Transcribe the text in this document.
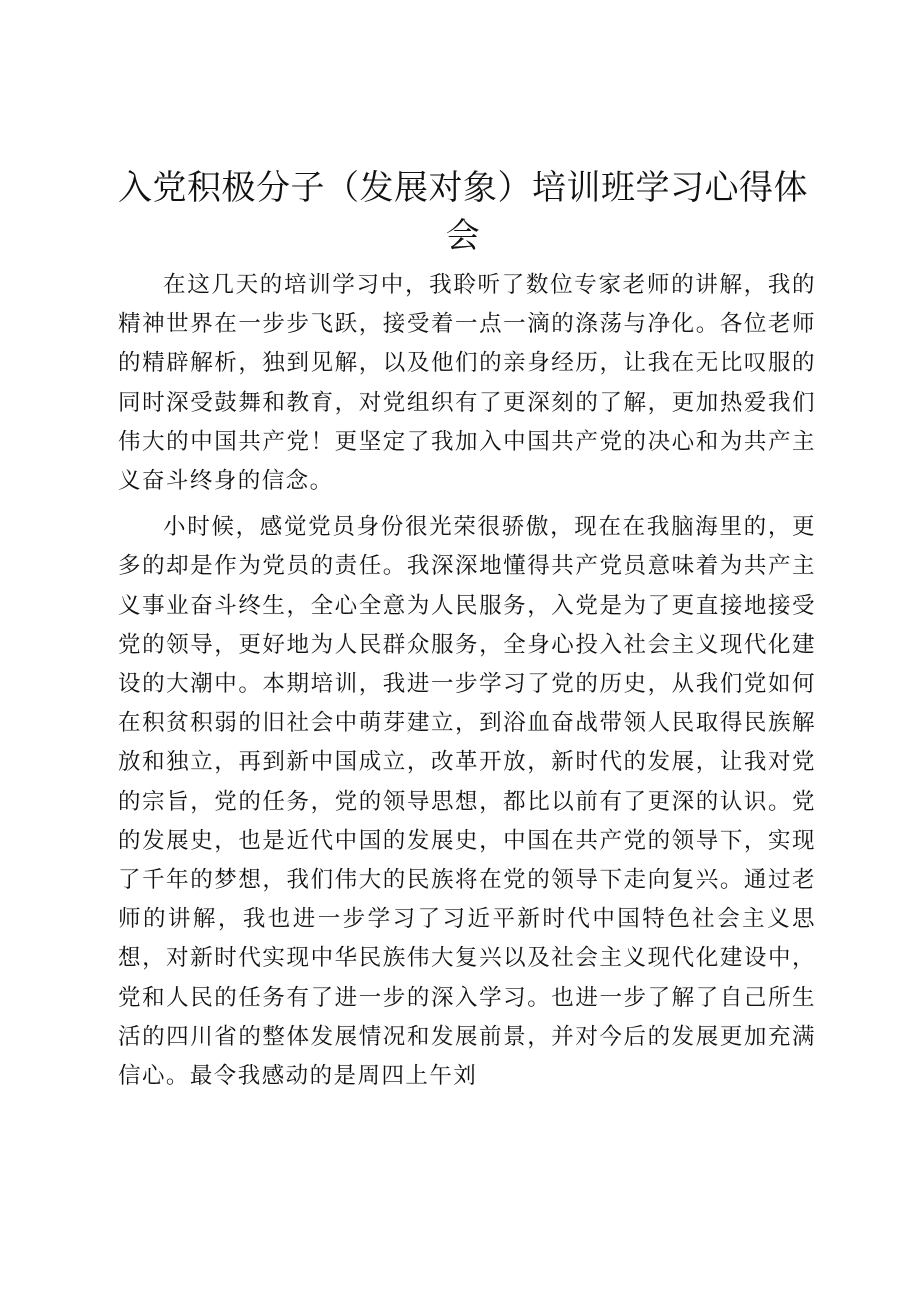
入党积极分子（发展对象）培训班学习心得体会

在这几天的培训学习中，我聆听了数位专家老师的讲解，我的精神世界在一步步飞跃，接受着一点一滴的涤荡与净化。各位老师的精辟解析，独到见解，以及他们的亲身经历，让我在无比叹服的同时深受鼓舞和教育，对党组织有了更深刻的了解，更加热爱我们伟大的中国共产党！更坚定了我加入中国共产党的决心和为共产主义奋斗终身的信念。

小时候，感觉党员身份很光荣很骄傲，现在在我脑海里的，更多的却是作为党员的责任。我深深地懂得共产党员意味着为共产主义事业奋斗终生，全心全意为人民服务，入党是为了更直接地接受党的领导，更好地为人民群众服务，全身心投入社会主义现代化建设的大潮中。本期培训，我进一步学习了党的历史，从我们党如何在积贫积弱的旧社会中萌芽建立，到浴血奋战带领人民取得民族解放和独立，再到新中国成立，改革开放，新时代的发展，让我对党的宗旨，党的任务，党的领导思想，都比以前有了更深的认识。党的发展史，也是近代中国的发展史，中国在共产党的领导下，实现了千年的梦想，我们伟大的民族将在党的领导下走向复兴。通过老师的讲解，我也进一步学习了习近平新时代中国特色社会主义思想，对新时代实现中华民族伟大复兴以及社会主义现代化建设中，党和人民的任务有了进一步的深入学习。也进一步了解了自己所生活的四川省的整体发展情况和发展前景，并对今后的发展更加充满信心。最令我感动的是周四上午刘
